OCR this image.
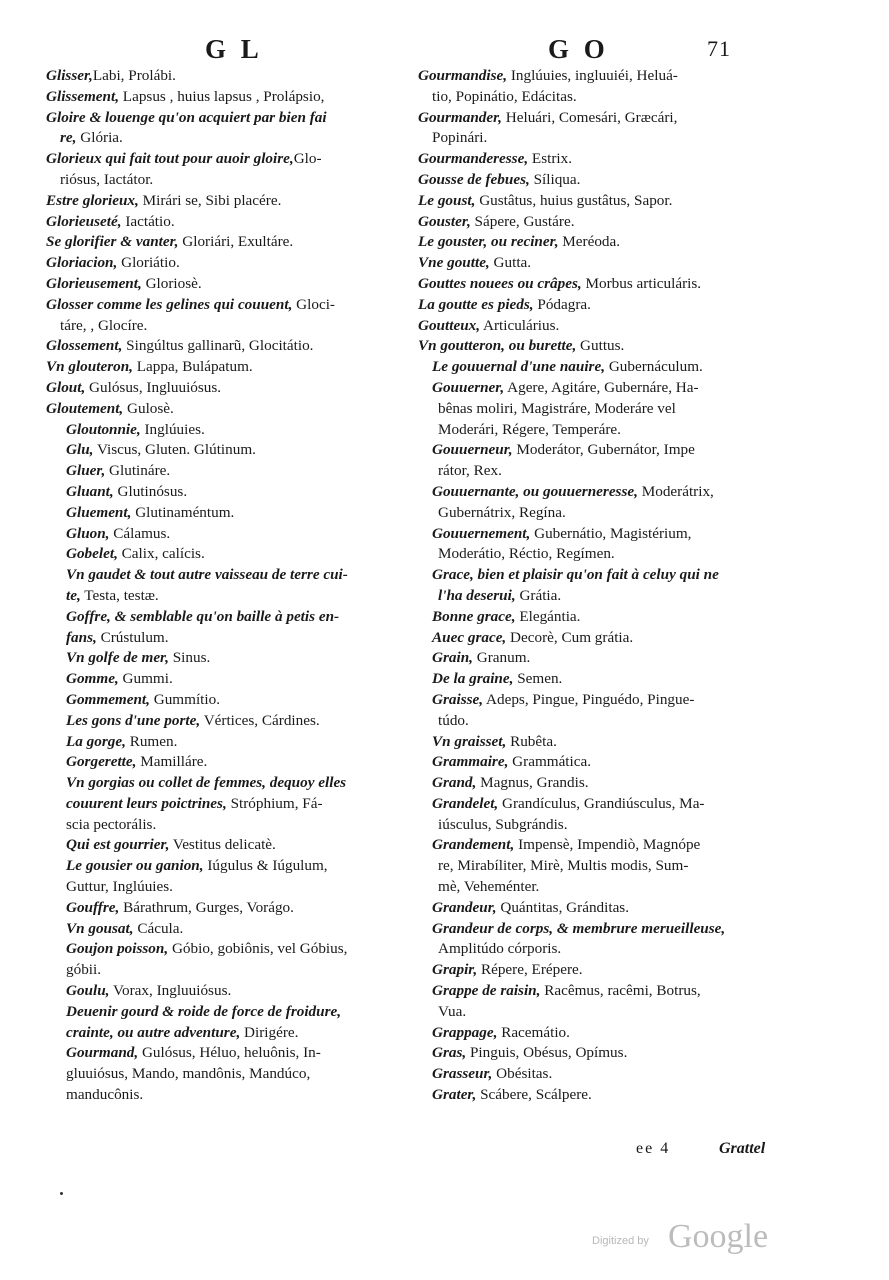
G L	G O	71
Glisser,Labi, Prolábi.
Glissement, Lapsus , huius lapsus , Prolápsio,
Gloire & louenge qu'on acquiert par bien fai
re, Glória.
Glorieux qui fait tout pour auoir gloire,Glo-
riósus, Iactátor.
Estre glorieux, Mirári se, Sibi placére.
Glorieuseté, Iactátio.
Se glorifier & vanter, Gloriári, Exultáre.
Gloriacion, Gloriátio.
Glorieusement, Gloriosè.
Glosser comme les gelines qui couuent, Gloci-
táre, , Glocíre.
Glossement, Singúltus gallinarũ, Glocitátio.
Vn glouteron, Lappa, Bulápatum.
Glout, Gulósus, Ingluuiósus.
Gloutement, Gulosè.
Gloutonnie, Inglúuies.
Glu, Viscus, Gluten. Glútinum.
Gluer, Glutináre.
Gluant, Glutinósus.
Gluement, Glutinaméntum.
Gluon, Cálamus.
Gobelet, Calix, calícis.
Vn gaudet & tout autre vaisseau de terre cui-
te, Testa, testæ.
Goffre, & semblable qu'on baille à petis en-
fans, Crústulum.
Vn golfe de mer, Sinus.
Gomme, Gummi.
Gommement, Gummítio.
Les gons d'une porte, Vértices, Cárdines.
La gorge, Rumen.
Gorgerette, Mamilláre.
Vn gorgias ou collet de femmes, dequoy elles
couurent leurs poictrines, Stróphium, Fá-
scia pectorális.
Qui est gourrier, Vestitus delicatè.
Le gousier ou ganion, Iúgulus & Iúgulum,
Guttur, Inglúuies.
Gouffre, Bárathrum, Gurges, Vorágo.
Vn gousat, Cácula.
Goujon poisson, Góbio, gobiônis, vel Góbius,
góbii.
Goulu, Vorax, Ingluuiósus.
Deuenir gourd & roide de force de froidure,
crainte, ou autre adventure, Dirigére.
Gourmand, Gulósus, Héluo, heluônis, In-
gluuiósus, Mando, mandônis, Mandúco,
manducônis.
Gourmandise, Inglúuies, ingluuiéi, Heluá-
tio, Popinátio, Edácitas.
Gourmander, Heluári, Comesári, Græcári,
Popinári.
Gourmanderesse, Estrix.
Gousse de febues, Síliqua.
Le goust, Gustâtus, huius gustâtus, Sapor.
Gouster, Sápere, Gustáre.
Le gouster, ou reciner, Meréoda.
Vne goutte, Gutta.
Gouttes nouees ou crâpes, Morbus articuláris.
La goutte es pieds, Pódagra.
Goutteux, Articulárius.
Vn goutteron, ou burette, Guttus.
Le gouuernal d'une nauire, Gubernáculum.
Gouuerner, Agere, Agitáre, Gubernáre, Ha-
bênas moliri, Magistráre, Moderáre vel
Moderári, Régere, Temperáre.
Gouuerneur, Moderátor, Gubernátor, Impe
rátor, Rex.
Gouuernante, ou gouuerneresse, Moderátrix,
Gubernátrix, Regína.
Gouuernement, Gubernátio, Magistérium,
Moderátio, Réctio, Regímen.
Grace, bien et plaisir qu'on fait à celuy qui ne
l'ha deserui, Grátia.
Bonne grace, Elegántia.
Auec grace, Decorè, Cum grátia.
Grain, Granum.
De la graine, Semen.
Graisse, Adeps, Pingue, Pinguédo, Pingue-
túdo.
Vn graisset, Rubêta.
Grammaire, Grammática.
Grand, Magnus, Grandis.
Grandelet, Grandículus, Grandiúsculus, Ma-
iúsculus, Subgrándis.
Grandement, Impensè, Impendiò, Magnópe
re, Mirabíliter, Mirè, Multis modis, Sum-
mè, Veheménter.
Grandeur, Quántitas, Gránditas.
Grandeur de corps, & membrure merueilleuse,
Amplitúdo córporis.
Grapir, Répere, Erépere.
Grappe de raisin, Racêmus, racêmi, Botrus,
Vua.
Grappage, Racemátio.
Gras, Pinguis, Obésus, Opímus.
Grasseur, Obésitas.
Grater, Scábere, Scálpere.
ee 4	Grattel
Digitized by Google
